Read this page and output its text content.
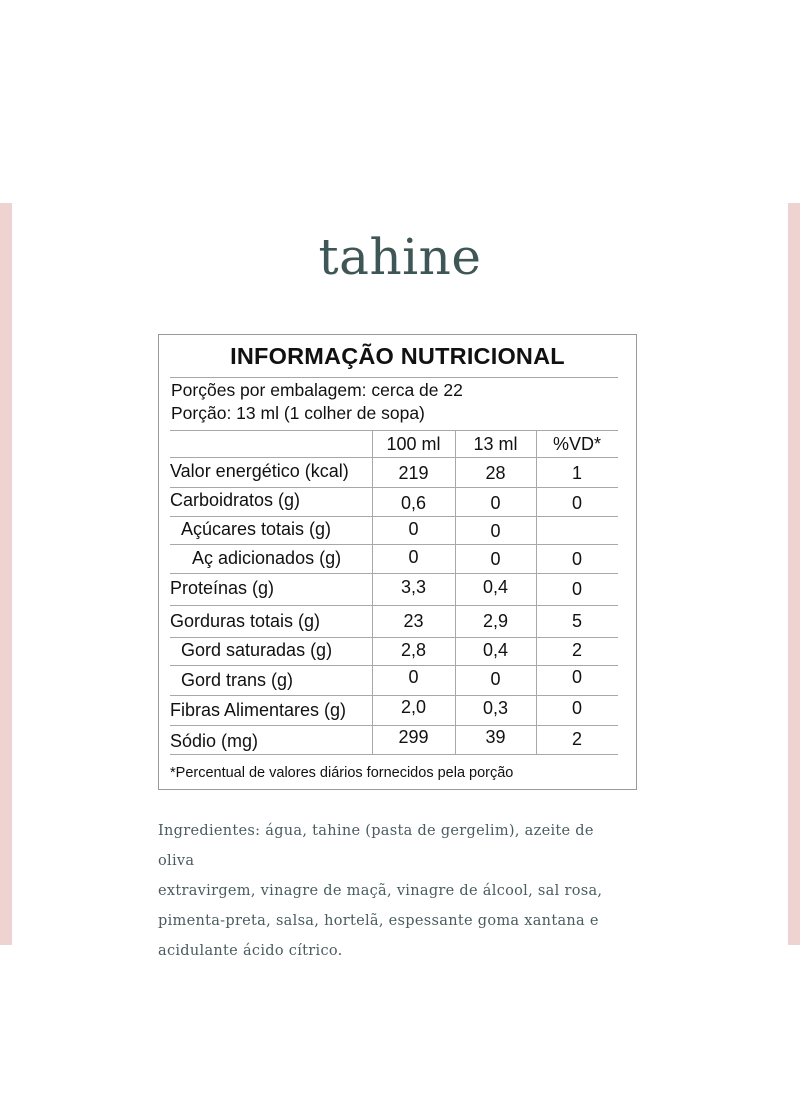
tahine
INFORMAÇÃO NUTRICIONAL
Porções por embalagem: cerca de 22
Porção: 13 ml (1 colher de sopa)
100 ml	13 ml	%VD*
Valor energético (kcal)	219	28	1
Carboidratos (g)	0,6	0	0
Açúcares totais (g)	0	0
Aç adicionados (g)	0	0	0
Proteínas (g)	3,3	0,4	0
Gorduras totais (g)	23	2,9	5
Gord saturadas (g)	2,8	0,4	2
Gord trans (g)	0	0	0
Fibras Alimentares (g)	2,0	0,3	0
Sódio (mg)	299	39	2
*Percentual de valores diários fornecidos pela porção
Ingredientes: água, tahine (pasta de gergelim), azeite de oliva
extravirgem, vinagre de maçã, vinagre de álcool, sal rosa,
pimenta-preta, salsa, hortelã, espessante goma xantana e
acidulante ácido cítrico.
